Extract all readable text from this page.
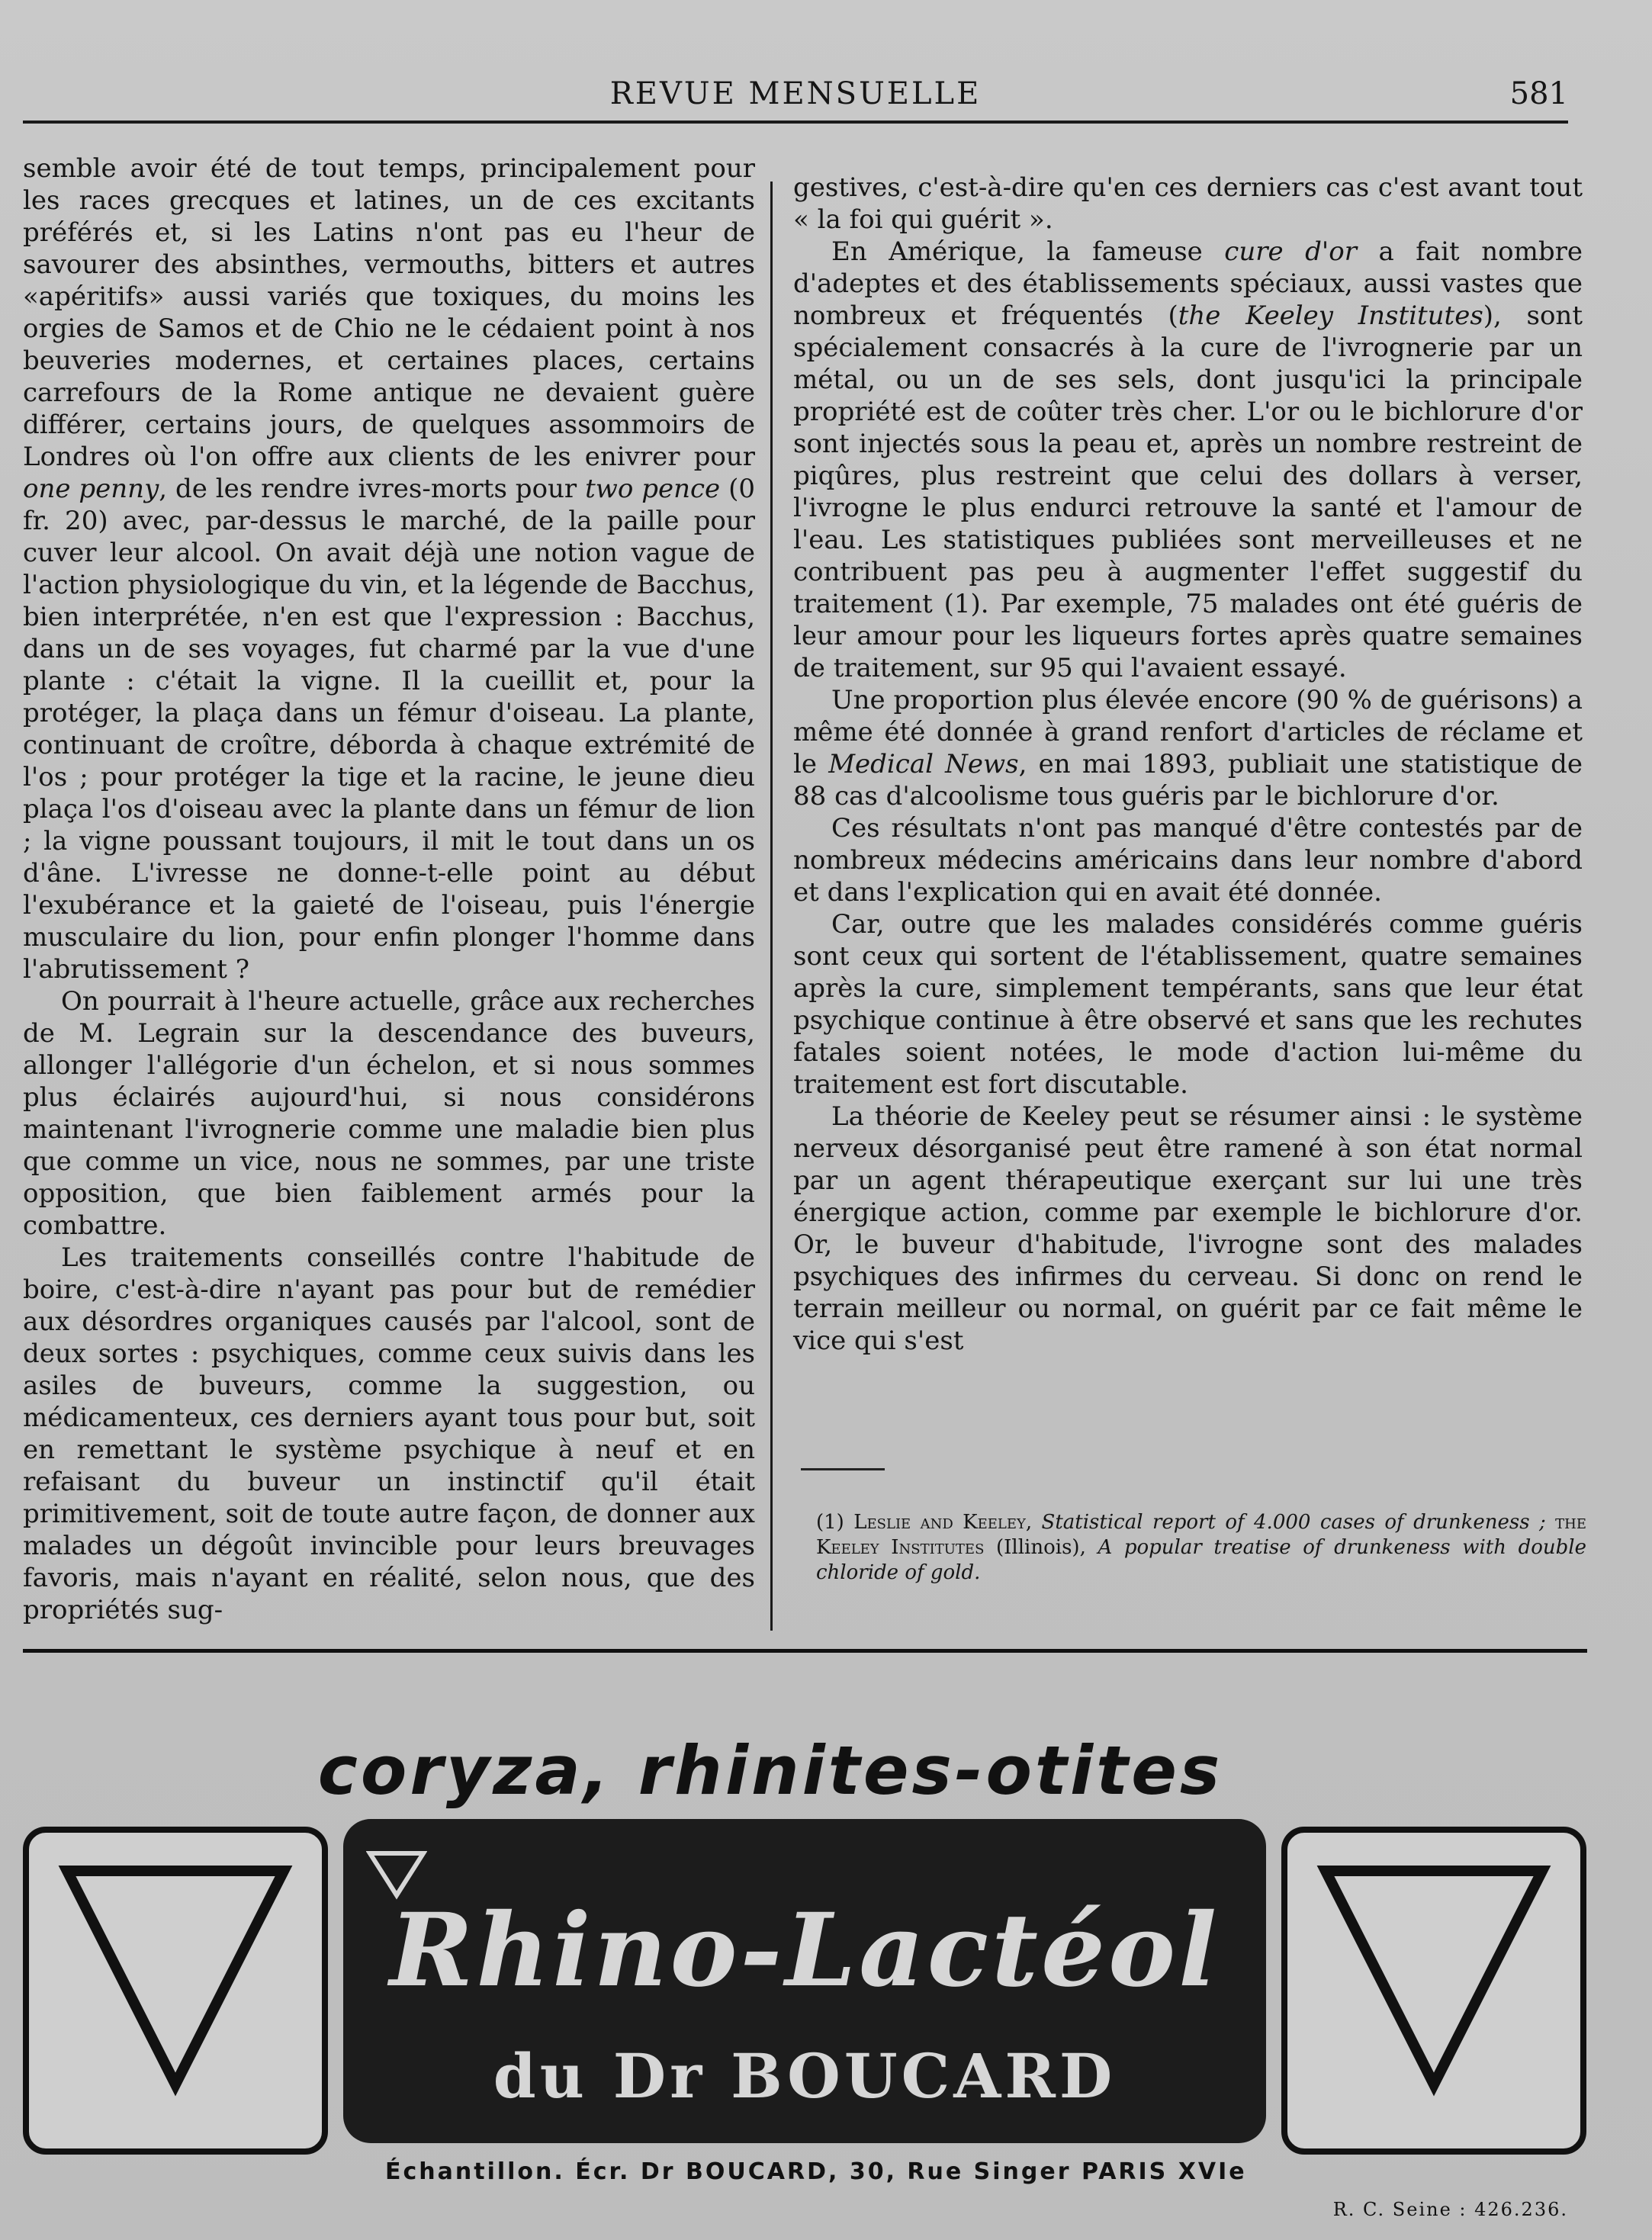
REVUE MENSUELLE	581

semble avoir été de tout temps, principalement pour les races grecques et latines, un de ces excitants préférés et, si les Latins n'ont pas eu l'heur de savourer des absinthes, vermouths, bitters et autres «apéritifs» aussi variés que toxiques, du moins les orgies de Samos et de Chio ne le cédaient point à nos beuveries modernes, et certaines places, certains carrefours de la Rome antique ne devaient guère différer, certains jours, de quelques assommoirs de Londres où l'on offre aux clients de les enivrer pour one penny, de les rendre ivres-morts pour two pence (0 fr. 20) avec, par-dessus le marché, de la paille pour cuver leur alcool. On avait déjà une notion vague de l'action physiologique du vin, et la légende de Bacchus, bien interprétée, n'en est que l'expression : Bacchus, dans un de ses voyages, fut charmé par la vue d'une plante : c'était la vigne. Il la cueillit et, pour la protéger, la plaça dans un fémur d'oiseau. La plante, continuant de croître, déborda à chaque extrémité de l'os ; pour protéger la tige et la racine, le jeune dieu plaça l'os d'oiseau avec la plante dans un fémur de lion ; la vigne poussant toujours, il mit le tout dans un os d'âne. L'ivresse ne donne-t-elle point au début l'exubérance et la gaieté de l'oiseau, puis l'énergie musculaire du lion, pour enfin plonger l'homme dans l'abrutissement ?

On pourrait à l'heure actuelle, grâce aux recherches de M. Legrain sur la descendance des buveurs, allonger l'allégorie d'un échelon, et si nous sommes plus éclairés aujourd'hui, si nous considérons maintenant l'ivrognerie comme une maladie bien plus que comme un vice, nous ne sommes, par une triste opposition, que bien faiblement armés pour la combattre.

Les traitements conseillés contre l'habitude de boire, c'est-à-dire n'ayant pas pour but de remédier aux désordres organiques causés par l'alcool, sont de deux sortes : psychiques, comme ceux suivis dans les asiles de buveurs, comme la suggestion, ou médicamenteux, ces derniers ayant tous pour but, soit en remettant le système psychique à neuf et en refaisant du buveur un instinctif qu'il était primitivement, soit de toute autre façon, de donner aux malades un dégoût invincible pour leurs breuvages favoris, mais n'ayant en réalité, selon nous, que des propriétés sug-

gestives, c'est-à-dire qu'en ces derniers cas c'est avant tout « la foi qui guérit ».

En Amérique, la fameuse cure d'or a fait nombre d'adeptes et des établissements spéciaux, aussi vastes que nombreux et fréquentés (the Keeley Institutes), sont spécialement consacrés à la cure de l'ivrognerie par un métal, ou un de ses sels, dont jusqu'ici la principale propriété est de coûter très cher. L'or ou le bichlorure d'or sont injectés sous la peau et, après un nombre restreint de piqûres, plus restreint que celui des dollars à verser, l'ivrogne le plus endurci retrouve la santé et l'amour de l'eau. Les statistiques publiées sont merveilleuses et ne contribuent pas peu à augmenter l'effet suggestif du traitement (1). Par exemple, 75 malades ont été guéris de leur amour pour les liqueurs fortes après quatre semaines de traitement, sur 95 qui l'avaient essayé.

Une proportion plus élevée encore (90 % de guérisons) a même été donnée à grand renfort d'articles de réclame et le Medical News, en mai 1893, publiait une statistique de 88 cas d'alcoolisme tous guéris par le bichlorure d'or.

Ces résultats n'ont pas manqué d'être contestés par de nombreux médecins américains dans leur nombre d'abord et dans l'explication qui en avait été donnée.

Car, outre que les malades considérés comme guéris sont ceux qui sortent de l'établissement, quatre semaines après la cure, simplement tempérants, sans que leur état psychique continue à être observé et sans que les rechutes fatales soient notées, le mode d'action lui-même du traitement est fort discutable.

La théorie de Keeley peut se résumer ainsi : le système nerveux désorganisé peut être ramené à son état normal par un agent thérapeutique exerçant sur lui une très énergique action, comme par exemple le bichlorure d'or. Or, le buveur d'habitude, l'ivrogne sont des malades psychiques des infirmes du cerveau. Si donc on rend le terrain meilleur ou normal, on guérit par ce fait même le vice qui s'est

(1) Leslie and Keeley, Statistical report of 4.000 cases of drunkeness ; the Keeley Institutes (Illinois), A popular treatise of drunkeness with double chloride of gold.
coryza, rhinites-otites
Rhino-Lactéol
du Dr BOUCARD
Échantillon. Écr. Dr BOUCARD, 30, Rue Singer PARIS XVIe
R. C. Seine : 426.236.
